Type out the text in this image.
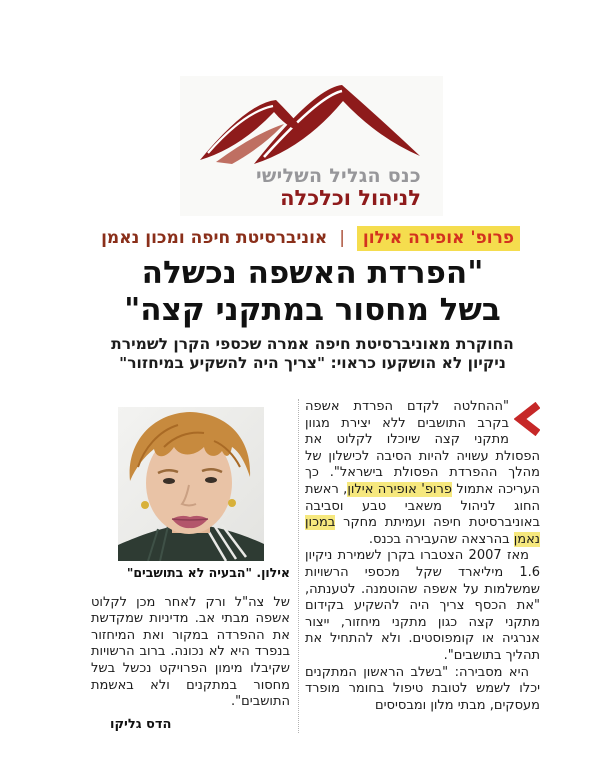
כנס הגליל השלישי
לניהול וכלכלה
פרופ' אופירה אילון | אוניברסיטת חיפה ומכון נאמן
"הפרדת האשפה נכשלה
בשל מחסור במתקני קצה"
החוקרת מאוניברסיטת חיפה אמרה שכספי הקרן לשמירת
ניקיון לא הושקעו כראוי: "צריך היה להשקיע במיחזור"

"ההחלטה לקדם הפרדת אשפה בקרב התושבים ללא יצירת מגוון מתקני קצה שיוכלו לקלוט את הפסולת עשויה להיות הסיבה לכישלון של מהלך ההפרדת הפסולת בישראל". כך העריכה אתמול פרופ' אופירה אילון, ראשת החוג לניהול משאבי טבע וסביבה באוניברסיטת חיפה ועמיתת מחקר במכון נאמן בהרצאה שהעבירה בכנס.

מאז 2007 הצטברו בקרן לשמירת ניקיון 1.6 מיליארד שקל מכספי הרשויות שמשלמות על אשפה שהוטמנה. לטענתה, "את הכסף צריך היה להשקיע בקידום מתקני קצה כגון מתקני מיחזור, ייצור אנרגיה או קומפוסטים. ולא להתחיל את תהליך בתושבים".

היא מסבירה: "בשלב הראשון המתקנים יכלו לשמש לטובת טיפול בחומר מופרד מעסקים, מבתי מלון ומבסיסים

אילון. "הבעיה לא בתושבים"

של צה"ל ורק לאחר מכן לקלוט אשפה מבתי אב. מדיניות שמקדשת את ההפרדה במקור ואת המיחזור בנפרד היא לא נכונה. ברוב הרשויות שקיבלו מימון הפרויקט נכשל בשל מחסור במתקנים ולא באשמת התושבים".

הדס גליקו
